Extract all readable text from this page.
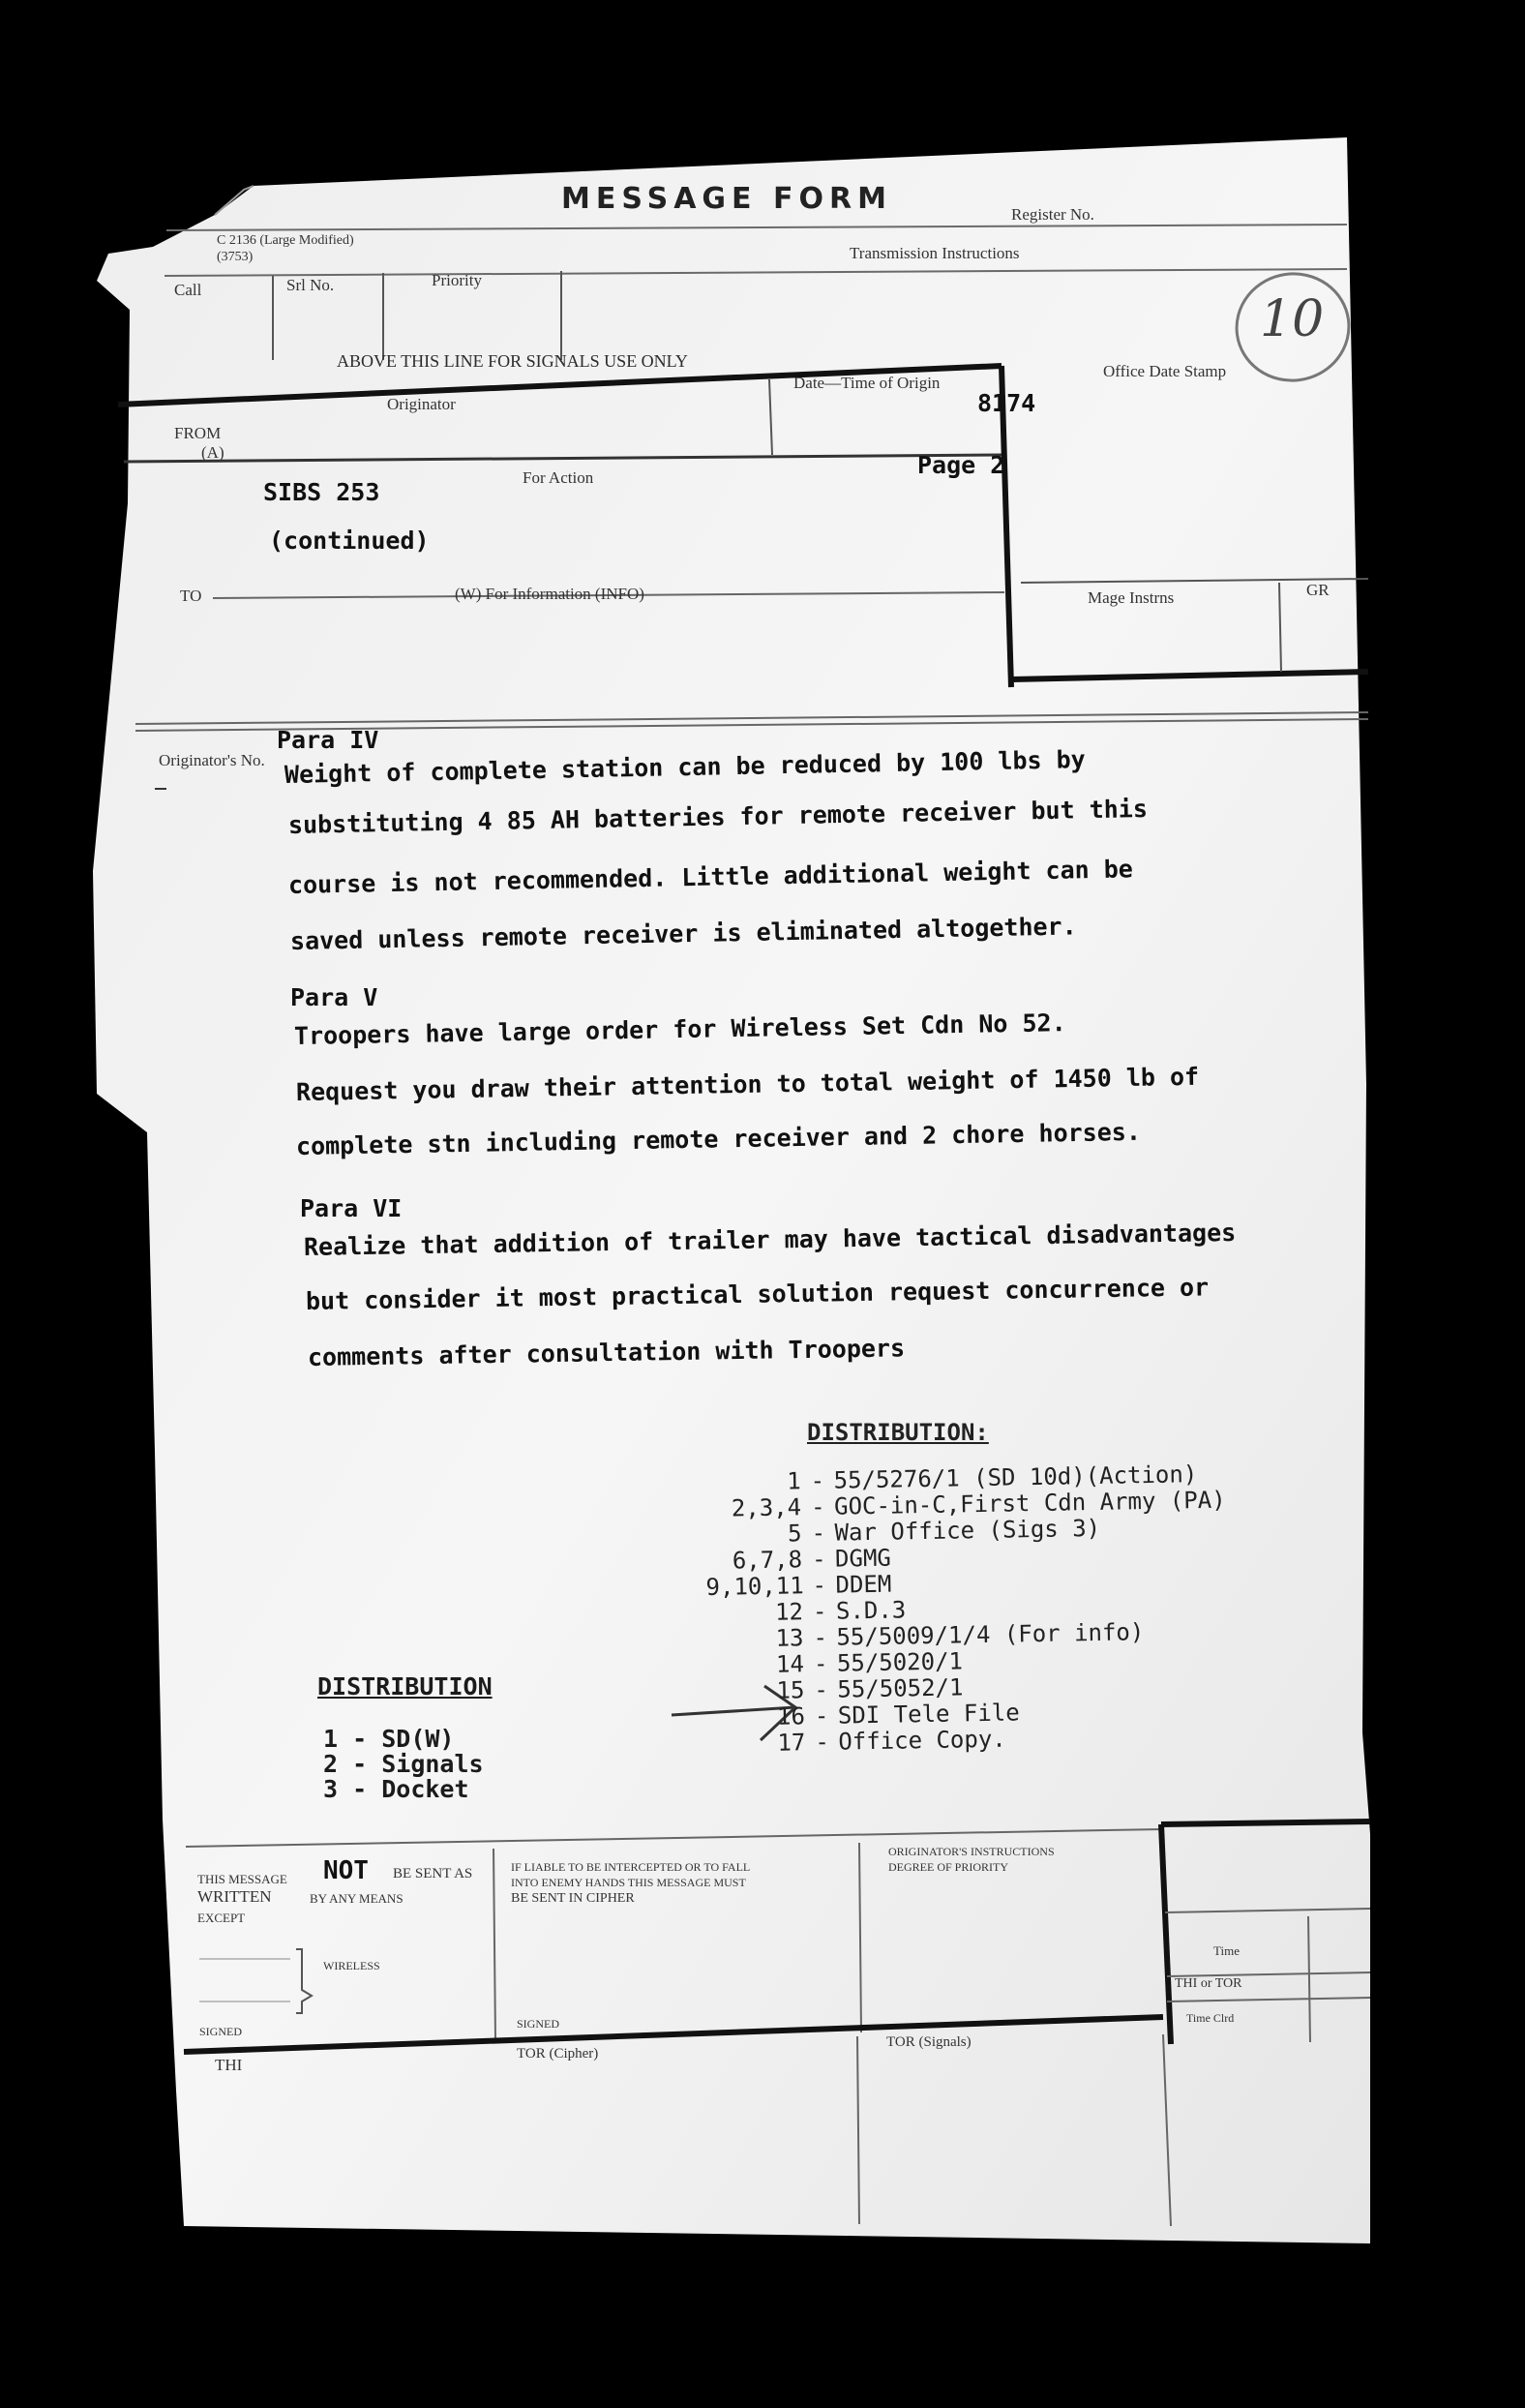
MESSAGE FORM
C 2136 (Large Modified)
(3753)
Register No.
Transmission Instructions
Call	Srl No.	Priority
ABOVE THIS LINE FOR SIGNALS USE ONLY
10
Originator
Date—Time of Origin
Office Date Stamp
8174
FROM
(A)
SIBS 253
For Action	Page 2
(continued)
TO	(W) For Information (INFO)	Mage Instrns	GR
Originator's No.
Para IV
Weight of complete station can be reduced by 100 lbs by
substituting 4 85 AH batteries for remote receiver but this
course is not recommended. Little additional weight can be
saved unless remote receiver is eliminated altogether.
Para V
Troopers have large order for Wireless Set Cdn No 52.
Request you draw their attention to total weight of 1450 lb of
complete stn including remote receiver and 2 chore horses.
Para VI
Realize that addition of trailer may have tactical disadvantages
but consider it most practical solution request concurrence or
comments after consultation with Troopers
DISTRIBUTION:
1 - 55/5276/1 (SD 10d)(Action)
2,3,4 - GOC-in-C,First Cdn Army (PA)
5 - War Office (Sigs 3)
6,7,8 - DGMG
9,10,11 - DDEM
12 - S.D.3
13 - 55/5009/1/4 (For info)
14 - 55/5020/1
15 - 55/5052/1
16 - SDI Tele File
17 - Office Copy.
DISTRIBUTION
1 - SD(W)
2 - Signals
3 - Docket
THIS MESSAGE NOT BE SENT AS
WRITTEN	BY ANY MEANS
EXCEPT
WIRELESS
SIGNED
IF LIABLE TO BE INTERCEPTED OR TO FALL
INTO ENEMY HANDS THIS MESSAGE MUST
BE SENT IN CIPHER
SIGNED
ORIGINATOR'S INSTRUCTIONS
DEGREE OF PRIORITY
Time
THI or TOR
Time Clrd
THI
TOR (Cipher)
TOR (Signals)
